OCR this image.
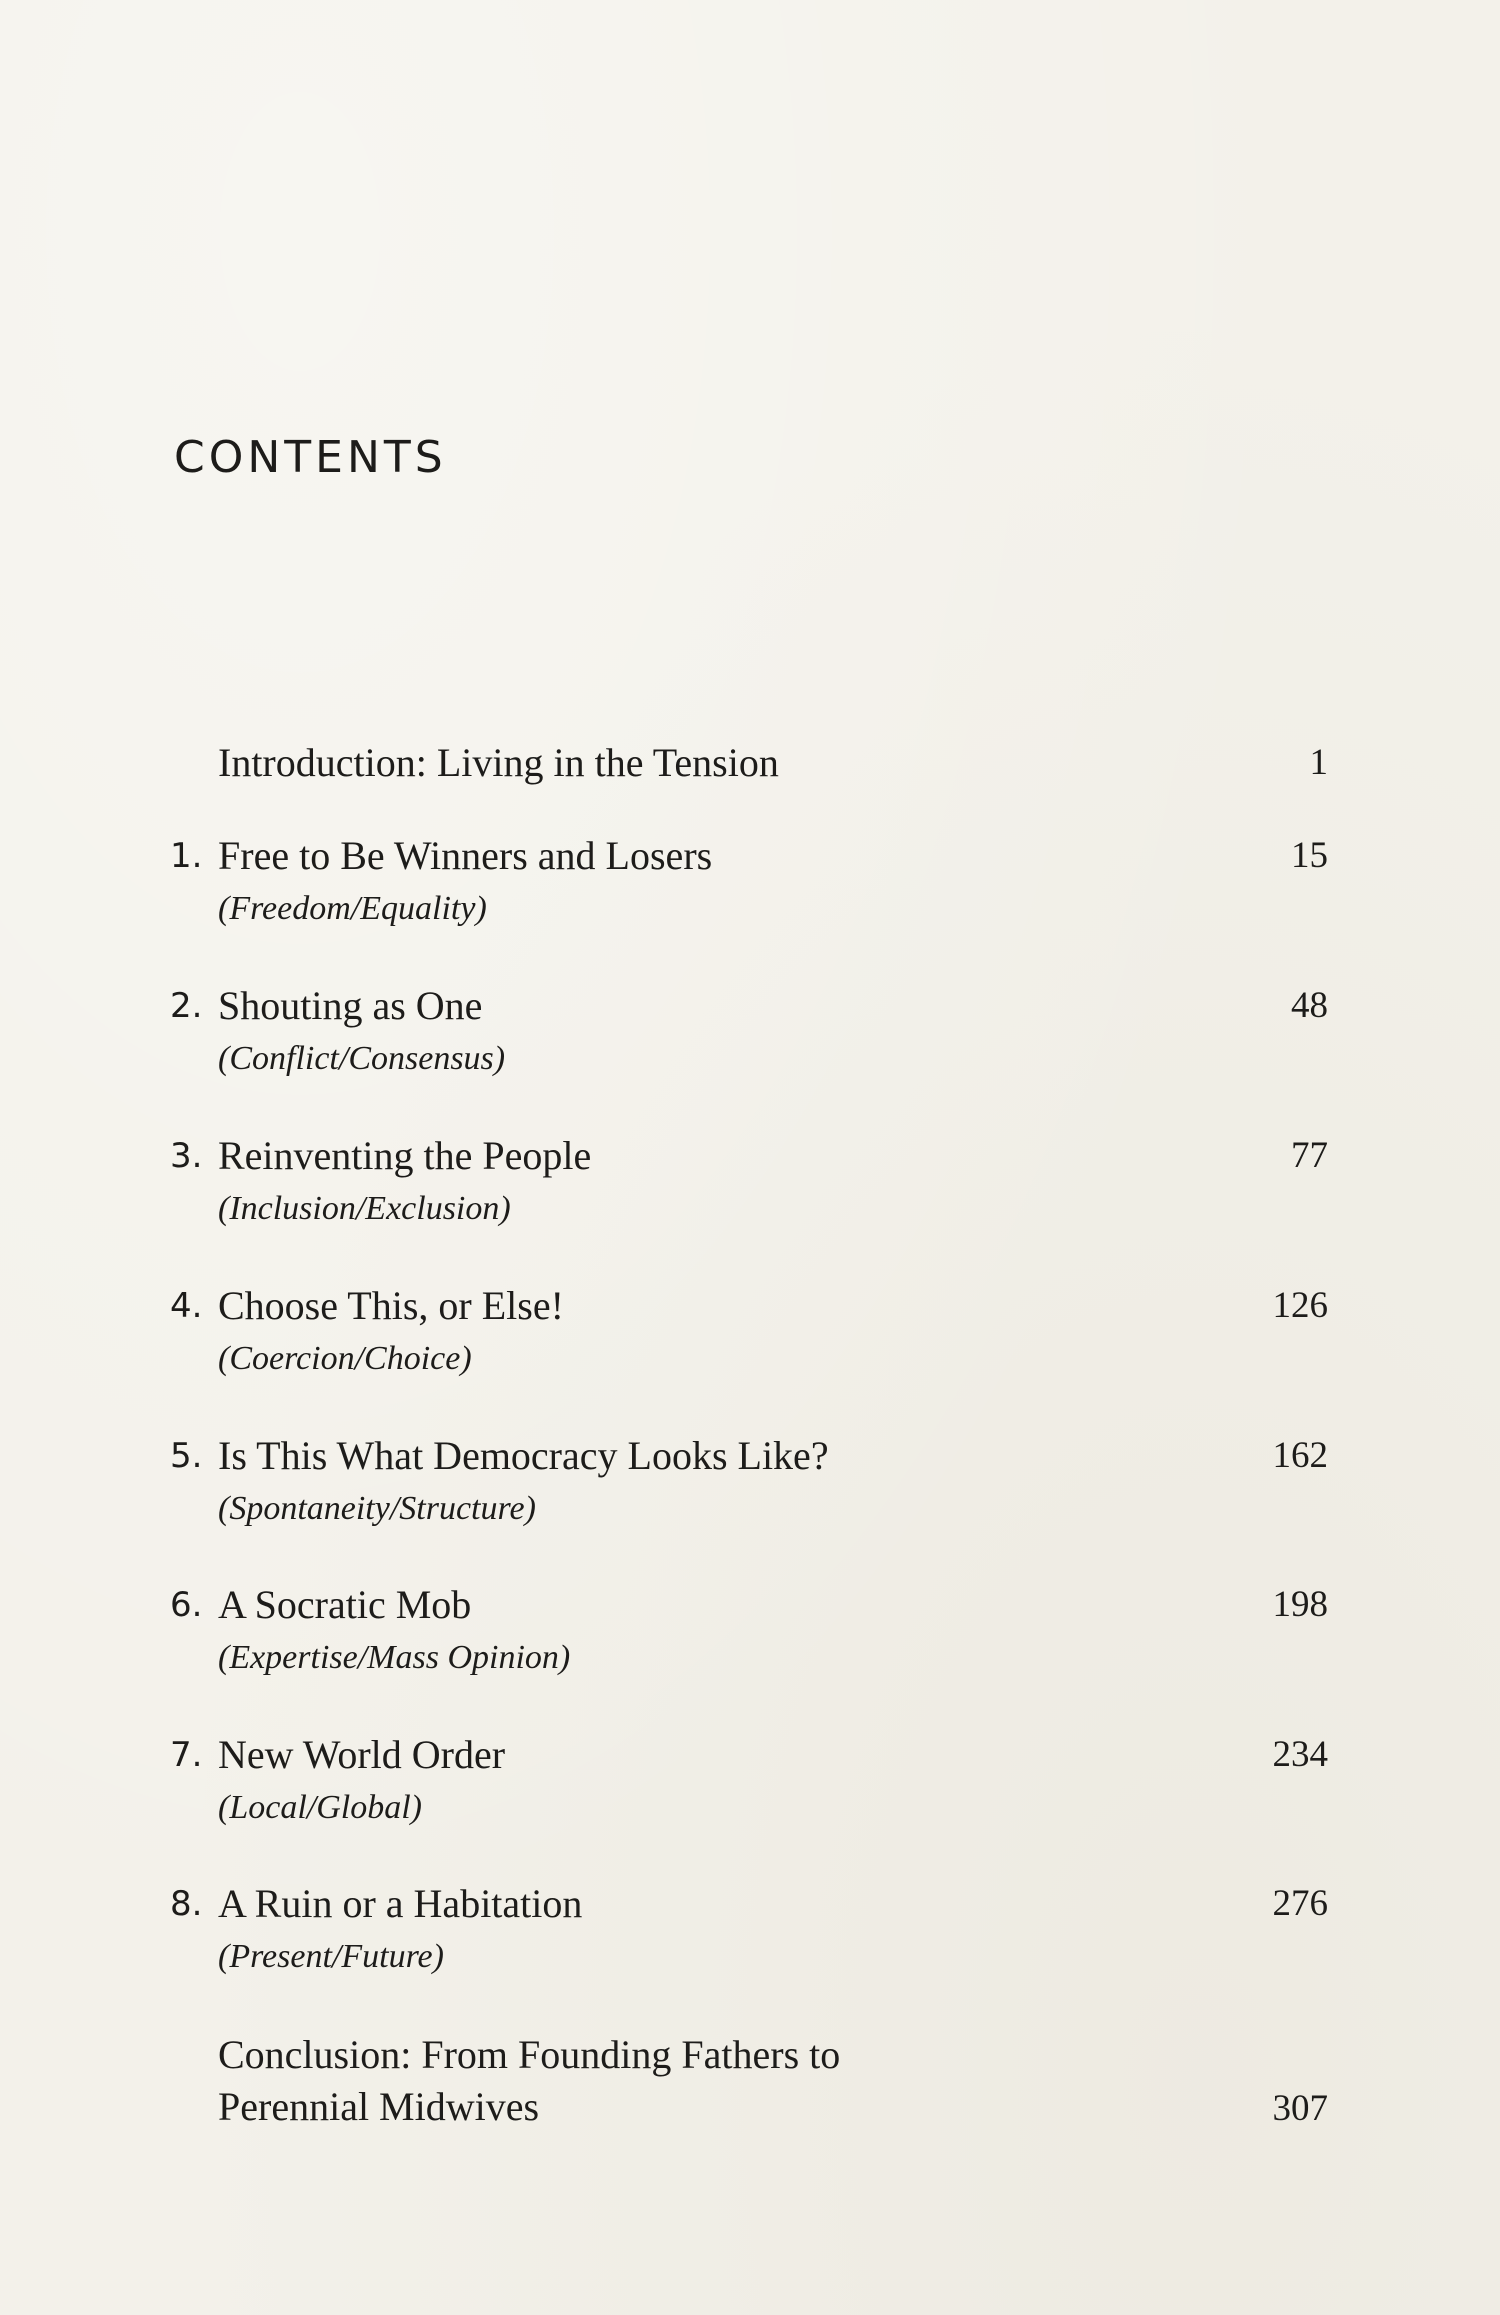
CONTENTS
Introduction: Living in the Tension	1
1. Free to Be Winners and Losers
(Freedom/Equality)
15
2. Shouting as One
(Conflict/Consensus)
48
3. Reinventing the People
(Inclusion/Exclusion)
77
4. Choose This, or Else!
(Coercion/Choice)
126
5. Is This What Democracy Looks Like?
(Spontaneity/Structure)
162
6. A Socratic Mob
(Expertise/Mass Opinion)
198
7. New World Order
(Local/Global)
234
8. A Ruin or a Habitation
(Present/Future)
276
Conclusion: From Founding Fathers to
Perennial Midwives	307
